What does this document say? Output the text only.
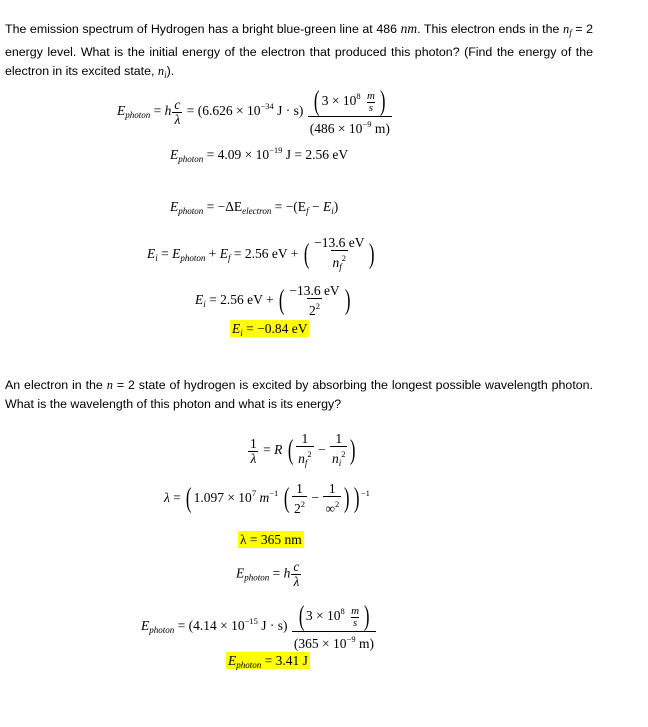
The emission spectrum of Hydrogen has a bright blue-green line at 486 nm. This electron ends in the $n_f = 2$ energy level. What is the initial energy of the electron that produced this photon? (Find the energy of the electron in its excited state, $n_i$).
$E_{photon} = h \frac{c}{\lambda} = (6.626 \times 10^{-34}$ $J \cdot s) \frac{( 3 \times 10^8 \frac{m}{s} )}{(486 \times 10^{-9} m)}$
$E_{photon} = 4.09 \times 10^{-19}$ J = 2.56 eV
$E_{photon} = -\Delta E_{electron} = -(E_f - E_i)$
$E_i = E_{photon} + E_f = 2.56$ eV + ( $\frac{-13.6 eV}{n_f^2}$ )
$E_i = 2.56$ eV + ( $\frac{-13.6 eV}{2^2}$ )
$E_i = -0.84$ eV
An electron in the n = 2 state of hydrogen is excited by absorbing the longest possible wavelength photon. What is the wavelength of this photon and what is its energy?
$\frac{1}{\lambda} = R$ ( $\frac{1}{n_f^2} - \frac{1}{n_i^2}$ )
λ = ( $1.097 \times 10^7$ $m^{-1}$ ( $\frac{1}{2^2} - \frac{1}{\infty^2}$ ) ) $^{-1}$
λ = 365 nm
$E_{photon} = h \frac{c}{\lambda}$
$E_{photon} = (4.14 \times 10^{-15}$ $J \cdot s) \frac{( 3 \times 10^8 \frac{m}{s} )}{(365 \times 10^{-9} m)}$
$E_{photon} = 3.41$ J
